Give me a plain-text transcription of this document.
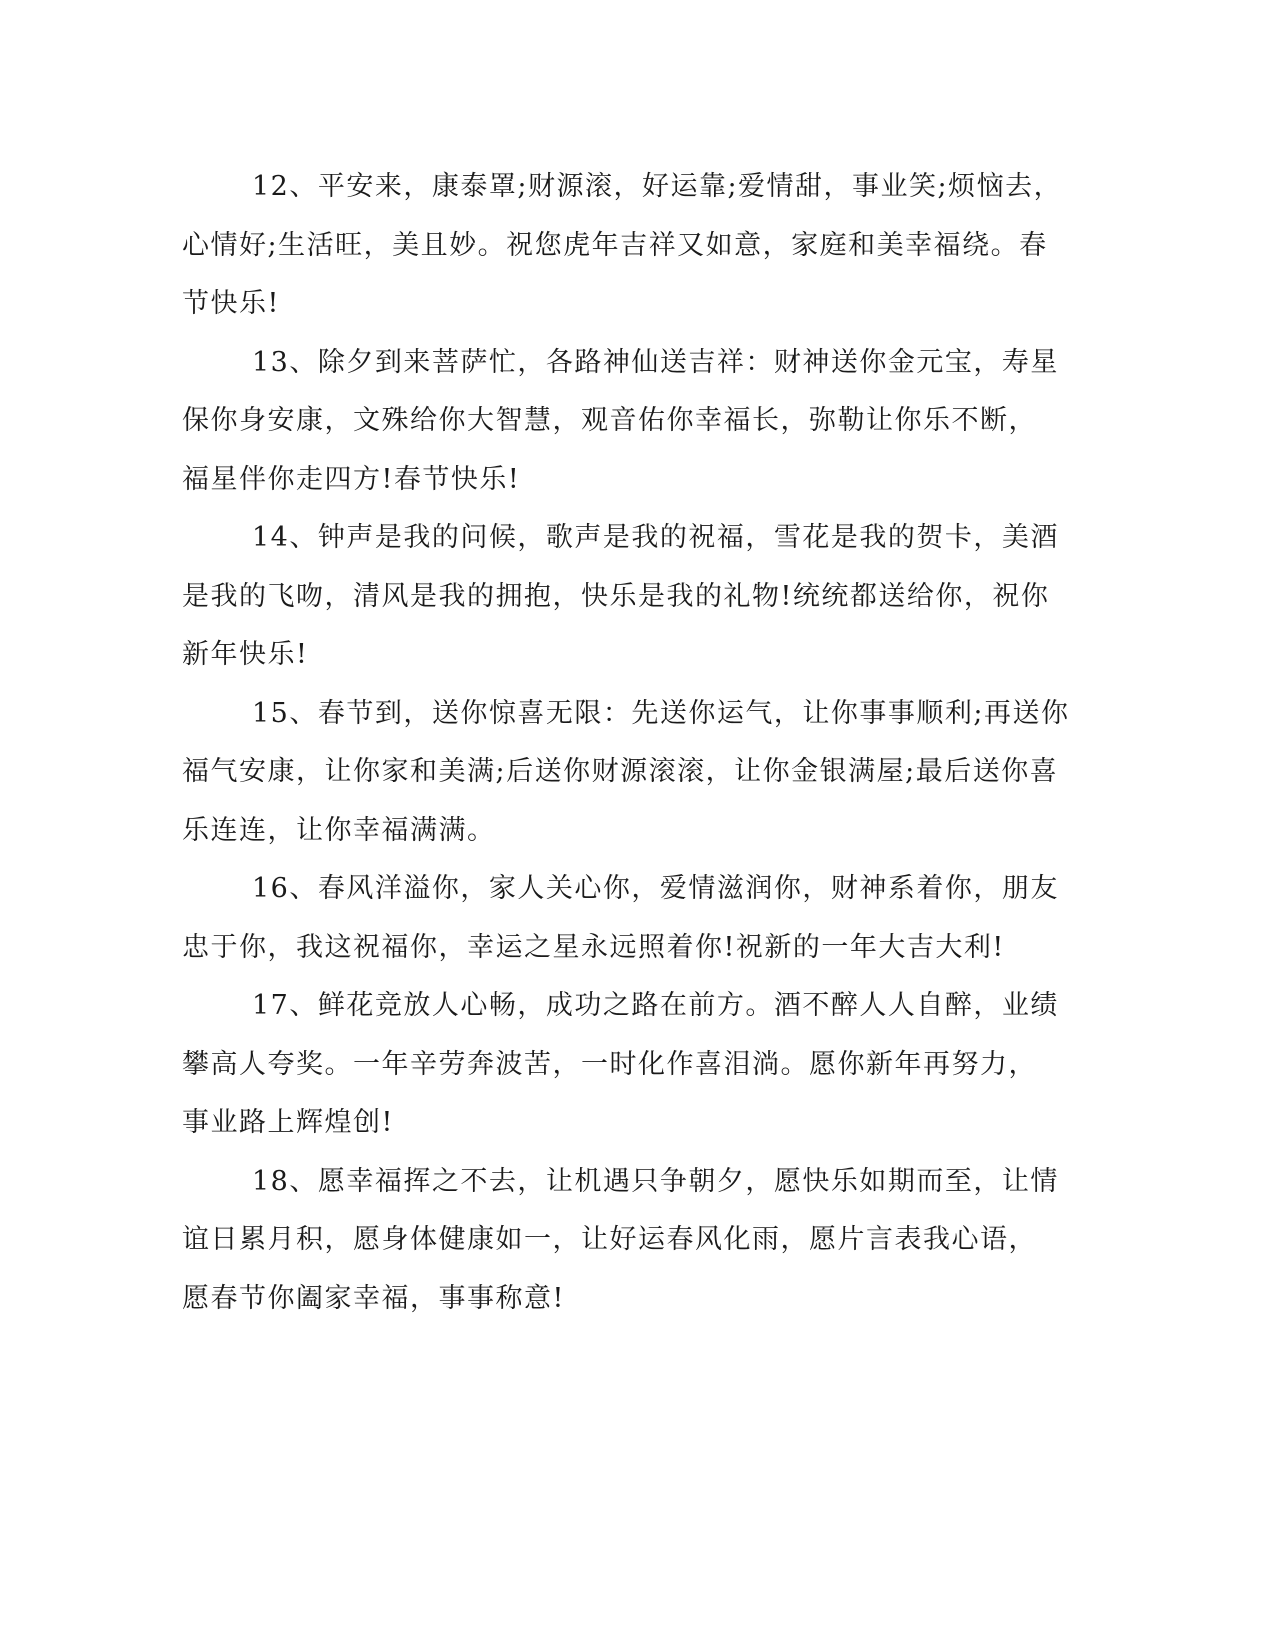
12、平安来，康泰罩;财源滚，好运靠;爱情甜，事业笑;烦恼去，
心情好;生活旺，美且妙。祝您虎年吉祥又如意，家庭和美幸福绕。春
节快乐!

13、除夕到来菩萨忙，各路神仙送吉祥：财神送你金元宝，寿星
保你身安康，文殊给你大智慧，观音佑你幸福长，弥勒让你乐不断，
福星伴你走四方!春节快乐!

14、钟声是我的问候，歌声是我的祝福，雪花是我的贺卡，美酒
是我的飞吻，清风是我的拥抱，快乐是我的礼物!统统都送给你，祝你
新年快乐!

15、春节到，送你惊喜无限：先送你运气，让你事事顺利;再送你
福气安康，让你家和美满;后送你财源滚滚，让你金银满屋;最后送你喜
乐连连，让你幸福满满。

16、春风洋溢你，家人关心你，爱情滋润你，财神系着你，朋友
忠于你，我这祝福你，幸运之星永远照着你!祝新的一年大吉大利!

17、鲜花竞放人心畅，成功之路在前方。酒不醉人人自醉，业绩
攀高人夸奖。一年辛劳奔波苦，一时化作喜泪淌。愿你新年再努力，
事业路上辉煌创!

18、愿幸福挥之不去，让机遇只争朝夕，愿快乐如期而至，让情
谊日累月积，愿身体健康如一，让好运春风化雨，愿片言表我心语，
愿春节你阖家幸福，事事称意!
